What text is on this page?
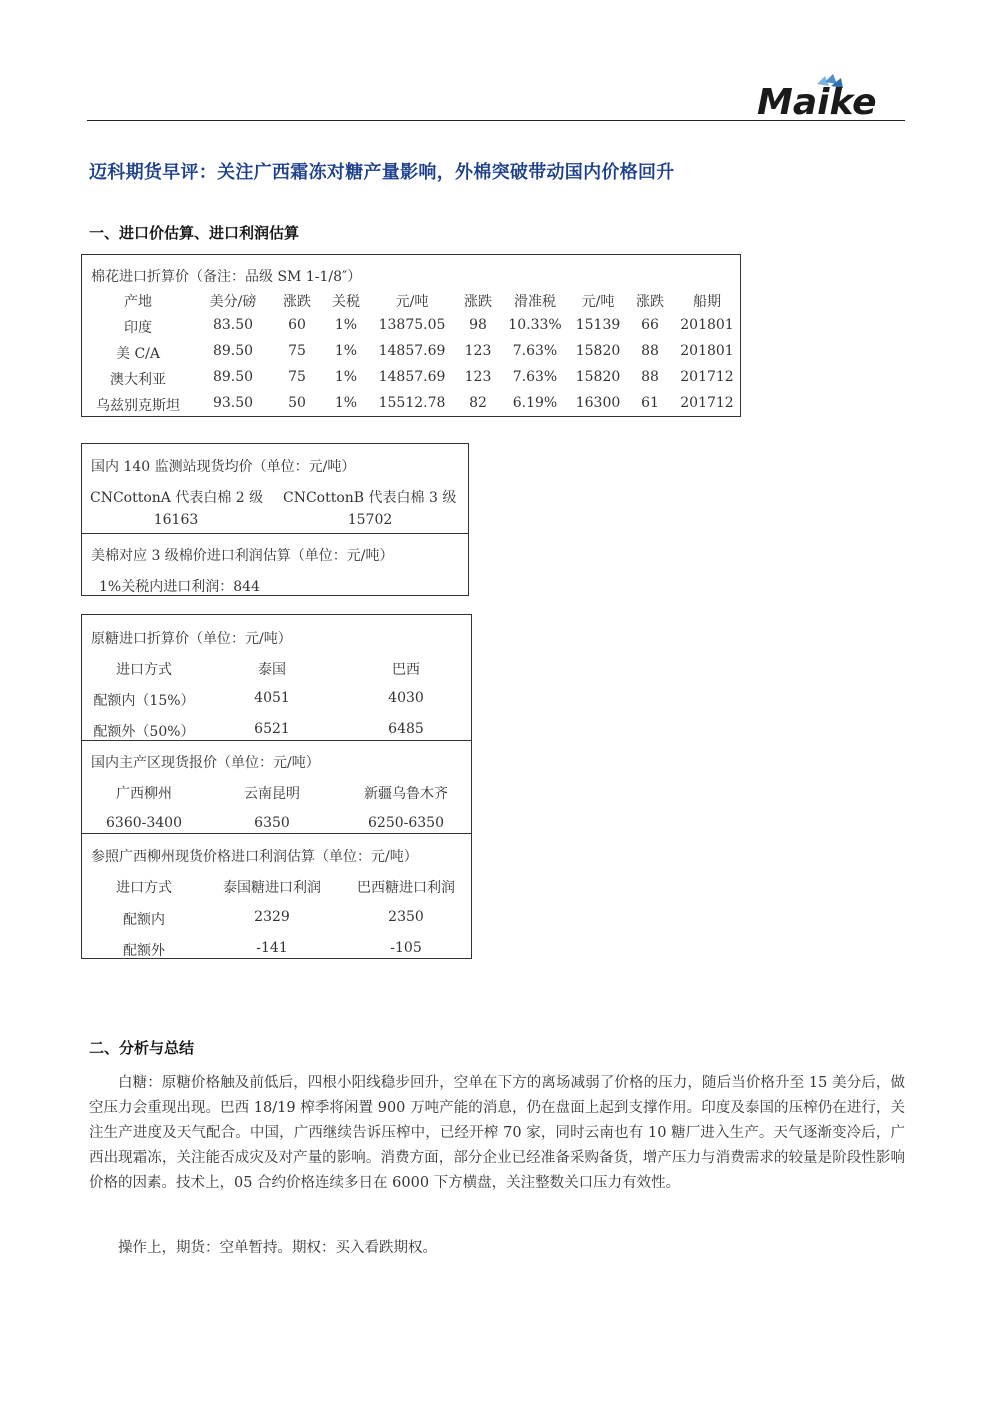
Maike
迈科期货早评：关注广西霜冻对糖产量影响，外棉突破带动国内价格回升
一、进口价估算、进口利润估算
棉花进口折算价（备注：品级 SM 1-1/8″）
产地	美分/磅 涨跌 关税	元/吨	涨跌 滑准税 元/吨 涨跌 船期
印度	83.50	60 1% 13875.05 98 10.33% 15139 66 201801
美 C/A	89.50	75 1% 14857.69 123 7.63% 15820 88 201801
澳大利亚	89.50	75 1% 14857.69 123 7.63% 15820 88 201712
乌兹别克斯坦 93.50	50 1% 15512.78 82 6.19% 16300 61 201712
国内 140 监测站现货均价（单位：元/吨）
CNCottonA 代表白棉 2 级 CNCottonB 代表白棉 3 级
16163	15702
美棉对应 3 级棉价进口利润估算（单位：元/吨）
1%关税内进口利润：844
原糖进口折算价（单位：元/吨）
进口方式	泰国	巴西
配额内（15%）	4051	4030
配额外（50%）	6521	6485
广西柳州	云南昆明	新疆乌鲁木齐
6360-3400	6350	6250-6350
进口方式	泰国糖进口利润	巴西糖进口利润
配额内	2329	2350
配额外	-141	-105
国内主产区现货报价（单位：元/吨）
参照广西柳州现货价格进口利润估算（单位：元/吨）
二、分析与总结

白糖：原糖价格触及前低后，四根小阳线稳步回升，空单在下方的离场减弱了价格的压力，随后当价格升至 15 美分后，做空压力会重现出现。巴西 18/19 榨季将闲置 900 万吨产能的消息，仍在盘面上起到支撑作用。印度及泰国的压榨仍在进行，关注生产进度及天气配合。中国，广西继续告诉压榨中，已经开榨 70 家，同时云南也有 10 糖厂进入生产。天气逐渐变冷后，广西出现霜冻，关注能否成灾及对产量的影响。消费方面，部分企业已经准备采购备货，增产压力与消费需求的较量是阶段性影响价格的因素。技术上，05 合约价格连续多日在 6000 下方横盘，关注整数关口压力有效性。

操作上，期货：空单暂持。期权：买入看跌期权。
